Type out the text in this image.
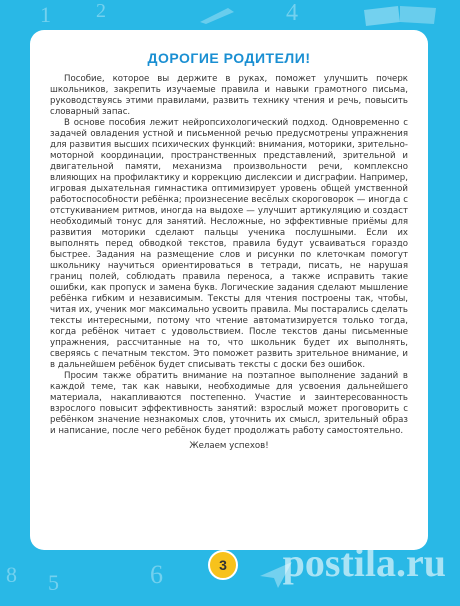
1 2	4
8 5	6
ДОРОГИЕ РОДИТЕЛИ!

Пособие, которое вы держите в руках, поможет улучшить почерк школьников, закрепить изучаемые правила и навыки грамотного письма, руководствуясь этими правилами, развить технику чтения и речь, повысить словарный запас.

В основе пособия лежит нейропсихологический подход. Одновременно с задачей овладения устной и письменной речью предусмотрены упражнения для развития высших психических функций: внимания, моторики, зрительно-моторной координации, пространственных представлений, зрительной и двигательной памяти, механизма произвольности речи, комплексно влияющих на профилактику и коррекцию дислексии и дисграфии. Например, игровая дыхательная гимнастика оптимизирует уровень общей умственной работоспособности ребёнка; произнесение весёлых скороговорок — иногда с отстукиванием ритмов, иногда на выдохе — улучшит артикуляцию и создаст необходимый тонус для занятий. Несложные, но эффективные приёмы для развития моторики сделают пальцы ученика послушными. Если их выполнять перед обводкой текстов, правила будут усваиваться гораздо быстрее. Задания на размещение слов и рисунки по клеточкам помогут школьнику научиться ориентироваться в тетради, писать, не нарушая границ полей, соблюдать правила переноса, а также исправить такие ошибки, как пропуск и замена букв. Логические задания сделают мышление ребёнка гибким и независимым. Тексты для чтения построены так, чтобы, читая их, ученик мог максимально усвоить правила. Мы постарались сделать тексты интересными, потому что чтение автоматизируется только тогда, когда ребёнок читает с удовольствием. После текстов даны письменные упражнения, рассчитанные на то, что школьник будет их выполнять, сверяясь с печатным текстом. Это поможет развить зрительное внимание, и в дальнейшем ребёнок будет списывать тексты с доски без ошибок.

Просим также обратить внимание на поэтапное выполнение заданий в каждой теме, так как навыки, необходимые для усвоения дальнейшего материала, накапливаются постепенно. Участие и заинтересованность взрослого повысит эффективность занятий: взрослый может проговорить с ребёнком значение незнакомых слов, уточнить их смысл, зрительный образ и написание, после чего ребёнок будет продолжать работу самостоятельно.

Желаем успехов!

3 postila.ru
